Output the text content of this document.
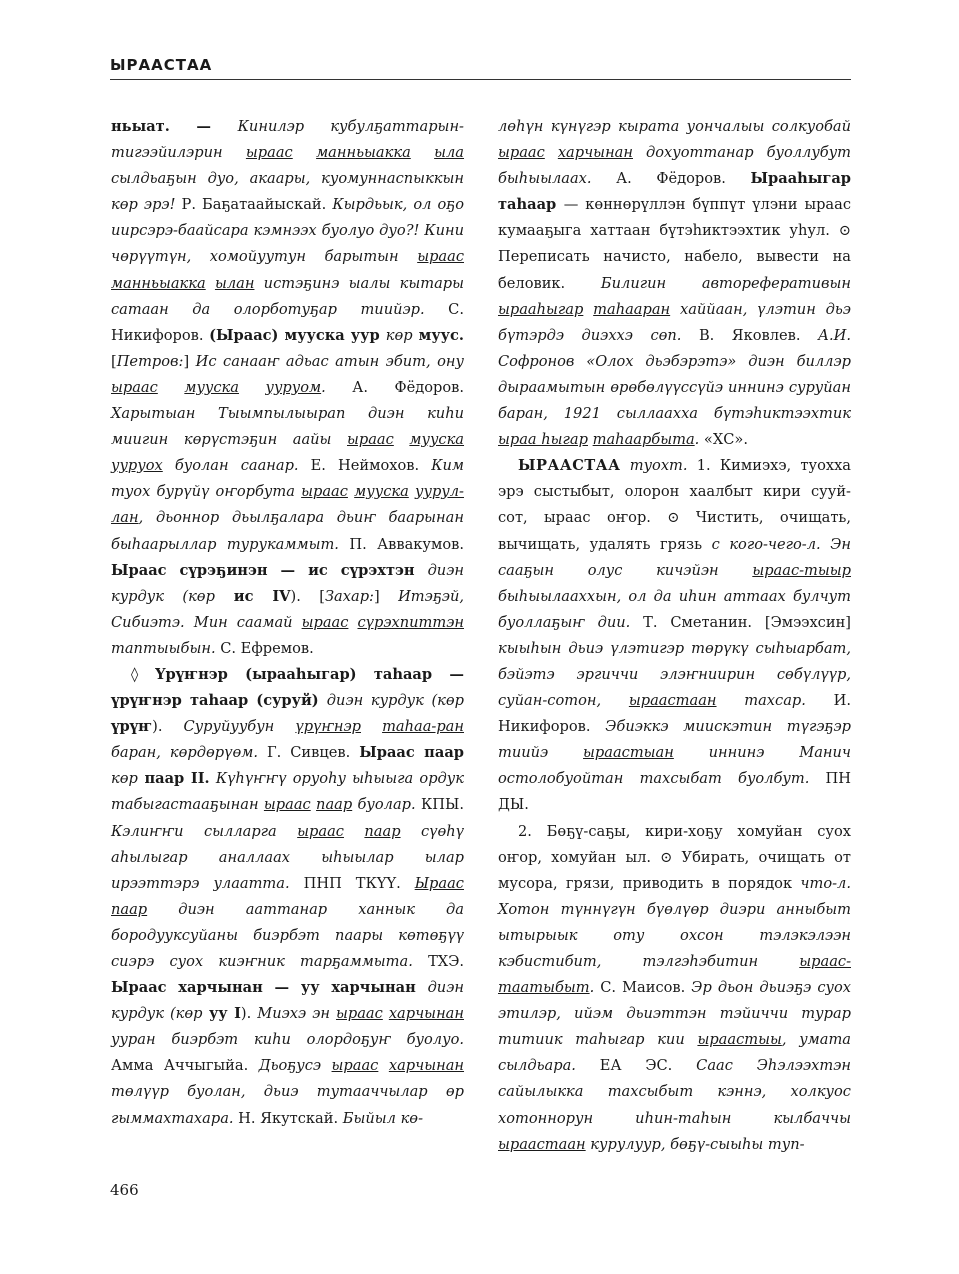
ЫРААСТАА

ньыат. — Кинилэр кубулҕаттарын-тигээйилэрин ыраас манньыакка ыла сылдьаҕын дуо, акаары, куомуннаспыккын көр эрэ! Р. Баҕатаайыскай. Кырдьык, ол оҕо иирсэрэ-баайсара кэмнээх буолуо дуо?! Кини чөрүүтүн, хомойуутун барытын ыраас манньыакка ылан истэҕинэ ыалы кытары сатаан да олорботуҕар тиийэр. С. Никифоров. (Ыраас) мууска уур көр муус. [Петров:] Ис санааҥ адьас атын эбит, ону ыраас мууска ууруом. А. Фёдоров. Харытыан Тыымпылыырап диэн киһи миигин көрүстэҕин аайы ыраас мууска ууруох буолан саанар. Е. Неймохов. Ким туох бурүйү оҥорбута ыраас мууска уурул-лан, дьоннор дьылҕалара дьиҥ баарынан быһаарыллар турукаммыт. П. Аввакумов. Ыраас сүрэҕинэн — ис сүрэхтэн диэн курдук (көр ис IV). [Захар:] Итэҕэй, Сибиэтэ. Мин саамай ыраас сүрэхпиттэн таптыыбын. С. Ефремов.

◊ Үрүҥнэр (ырааһыгар) таһаар — үрүҥнэр таһаар (суруй) диэн курдук (көр үрүҥ). Суруйуубун үрүҥнэр таһаа-ран баран, көрдөрүөм. Г. Сивцев. Ыраас паар көр паар II. Күһүҥҥү оруоһу ыһыыга ордук табыгастааҕынан ыраас паар буолар. КПЫ. Кэлиҥҥи сылларга ыраас паар сүөһү аһылыгар аналлаах ыһыылар ылар ирээттэрэ улаатта. ПНП ТКҮҮ. Ыраас паар диэн ааттанар ханнык да бородууксуйаны биэрбэт паары көтөҕүү сиэрэ суох киэҥник тарҕаммыта. ТХЭ. Ыраас харчынан — уу харчынан диэн курдук (көр уу I). Миэхэ эн ыраас харчынан ууран биэрбэт киһи олордоҕуҥ буолуо. Амма Аччыгыйа. Дьоҕусэ ыраас харчынан төлүүр буолан, дьиэ тутааччылар өр гыммахтахара. Н. Якутскай. Быйыл кө-

лөһүн күнүгэр кырата уончалыы солкуобай ыраас харчынан дохуоттанар буоллубут быһыылаах. А. Фёдоров. Ырааһыгар таһаар — көннөрүллэн бүппүт үлэни ыраас кумааҕыга хаттаан бүтэһиктээхтик уһул. ⊙ Переписать начисто, набело, вывести на беловик. Билигин автореферативын ырааһыгар таһааран хаййаан, үлэтин дьэ бүтэрдэ диэххэ сөп. В. Яковлев. А.И. Софронов «Олох дьэбэрэтэ» диэн биллэр дыраамытын өрөбөлүүссүйэ иннинэ суруйан баран, 1921 сыллаахха бүтэһиктээхтик ыраа һыгар таһаарбыта. «ХС».

ЫРААСТАА туохт. 1. Кимиэхэ, туохха эрэ сыстыбыт, олорон хаалбыт кири сууй-сот, ыраас оҥор. ⊙ Чистить, очищать, вычищать, удалять грязь с кого-чего-л. Эн сааҕын олус кичэйэн ыраас-тыыр быһыылааххын, ол да иһин аттаах булчут буоллаҕыҥ дии. Т. Сметанин. [Эмээхсин] кыыһын дьиэ үлэтигэр төрүкү сыһыарбат, бэйэтэ эргиччи элэҥниирин сөбүлүүр, суйан-сотон, ыраастаан тахсар. И. Никифоров. Эбиэккэ миискэтин түгэҕэр тиийэ ыраастыан иннинэ Манич остолобуойтан тахсыбат буолбут. ПН ДЫ.

2. Бөҕү-саҕы, кири-хоҕу хомуйан суох оҥор, хомуйан ыл. ⊙ Убирать, очищать от мусора, грязи, приводить в порядок что-л. Хотон түннүгүн бүөлүөр диэри анныбыт ытырыык оту охсон тэлэкэлээн кэбистибит, тэлгэһэбитин ыраас-таатыбыт. С. Маисов. Эр дьон дьиэҕэ суох этилэр, ийэм дьиэттэн тэйиччи турар титиик таһыгар кии ыраастыы, умата сылдьара. ЕА ЭС. Саас Эһэлээхтэн сайылыкка тахсыбыт кэннэ, холкуос хотоннорун иһин-таһын кылбаччы ыраастаан курулуур, бөҕү-сыыһы туп-

466
